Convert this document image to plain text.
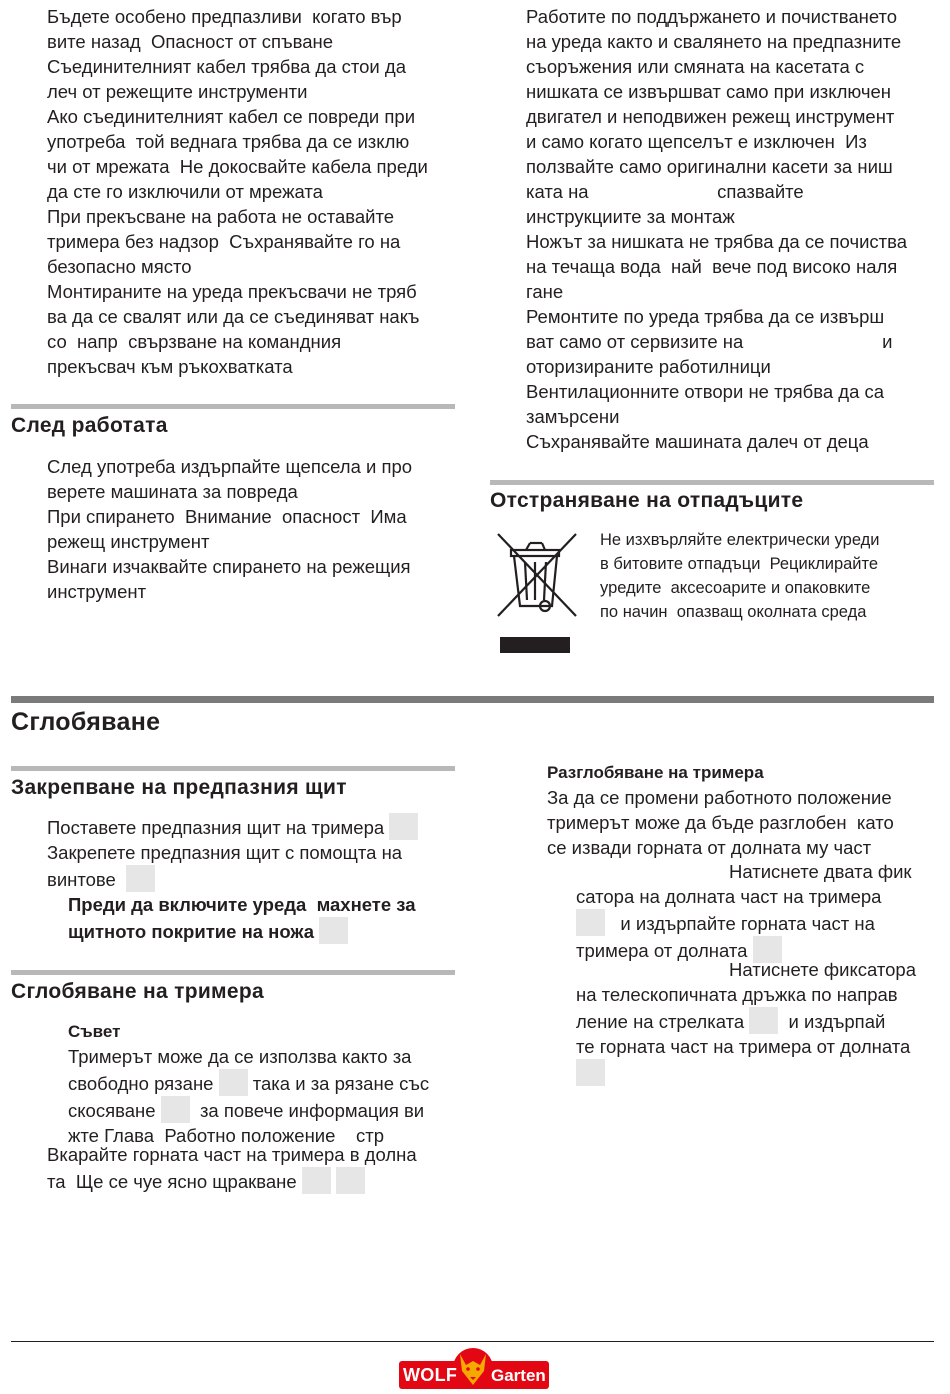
Бъдете особено предпазливи  когато вър
вите назад  Опасност от спъване
Съединителният кабел трябва да стои да
леч от режещите инструменти
Ако съединителният кабел се повреди при
употреба  той веднага трябва да се изклю
чи от мрежата  Не докосвайте кабела преди
да сте го изключили от мрежата
При прекъсване на работа не оставайте
тримера без надзор  Съхранявайте го на
безопасно място
Монтираните на уреда прекъсвачи не тряб
ва да се свалят или да се съединяват накъ
со  напр  свързване на командния
прекъсвач към ръкохватката
След работата
След употреба издърпайте щепсела и про
верете машината за повреда
При спирането  Внимание  опасност  Има
режещ инструмент
Винаги изчаквайте спирането на режещия
инструмент
Работите по поддържането и почистването
на уреда както и свалянето на предпазните
съоръжения или смяната на касетата с
нишката се извършват само при изключен
двигател и неподвижен режещ инструмент
и само когато щепселът е изключен  Из
ползвайте само оригинални касети за ниш
ката на                         спазвайте
инструкциите за монтаж
Ножът за нишката не трябва да се почиства
на течаща вода  най  вече под високо наля
гане
Ремонтите по уреда трябва да се извърш
ват само от сервизите на                           и
оторизираните работилници
Вентилационните отвори не трябва да са
замърсени
Съхранявайте машината далеч от деца
Отстраняване на отпадъците
Не изхвърляйте електрически уреди
в битовите отпадъци  Рециклирайте
уредите  аксесоарите и опаковките
по начин  опазващ околната среда
Сглобяване
Закрепване на предпазния щит
Поставете предпазния щит на тримера
Закрепете предпазния щит с помощта на
винтове
Преди да включите уреда  махнете за
щитното покритие на ножа
Сглобяване на тримера
Съвет
Тримерът може да се използва както за
свободно рязане  така и за рязане със
скосяване   за повече информация ви
жте Глава  Работно положение    стр
Вкарайте горната част на тримера в долна
та  Ще се чуе ясно щракване
Разглобяване на тримера
За да се промени работното положение
тримерът може да бъде разглобен  като
се извади горната от долната му част
Натиснете двата фик
сатора на долната част на тримера
и издърпайте горната част на
тримера от долната
Натиснете фиксатора
на телескопичната дръжка по направ
ление на стрелката   и издърпай
те горната част на тримера от долната
WOLF Garten
